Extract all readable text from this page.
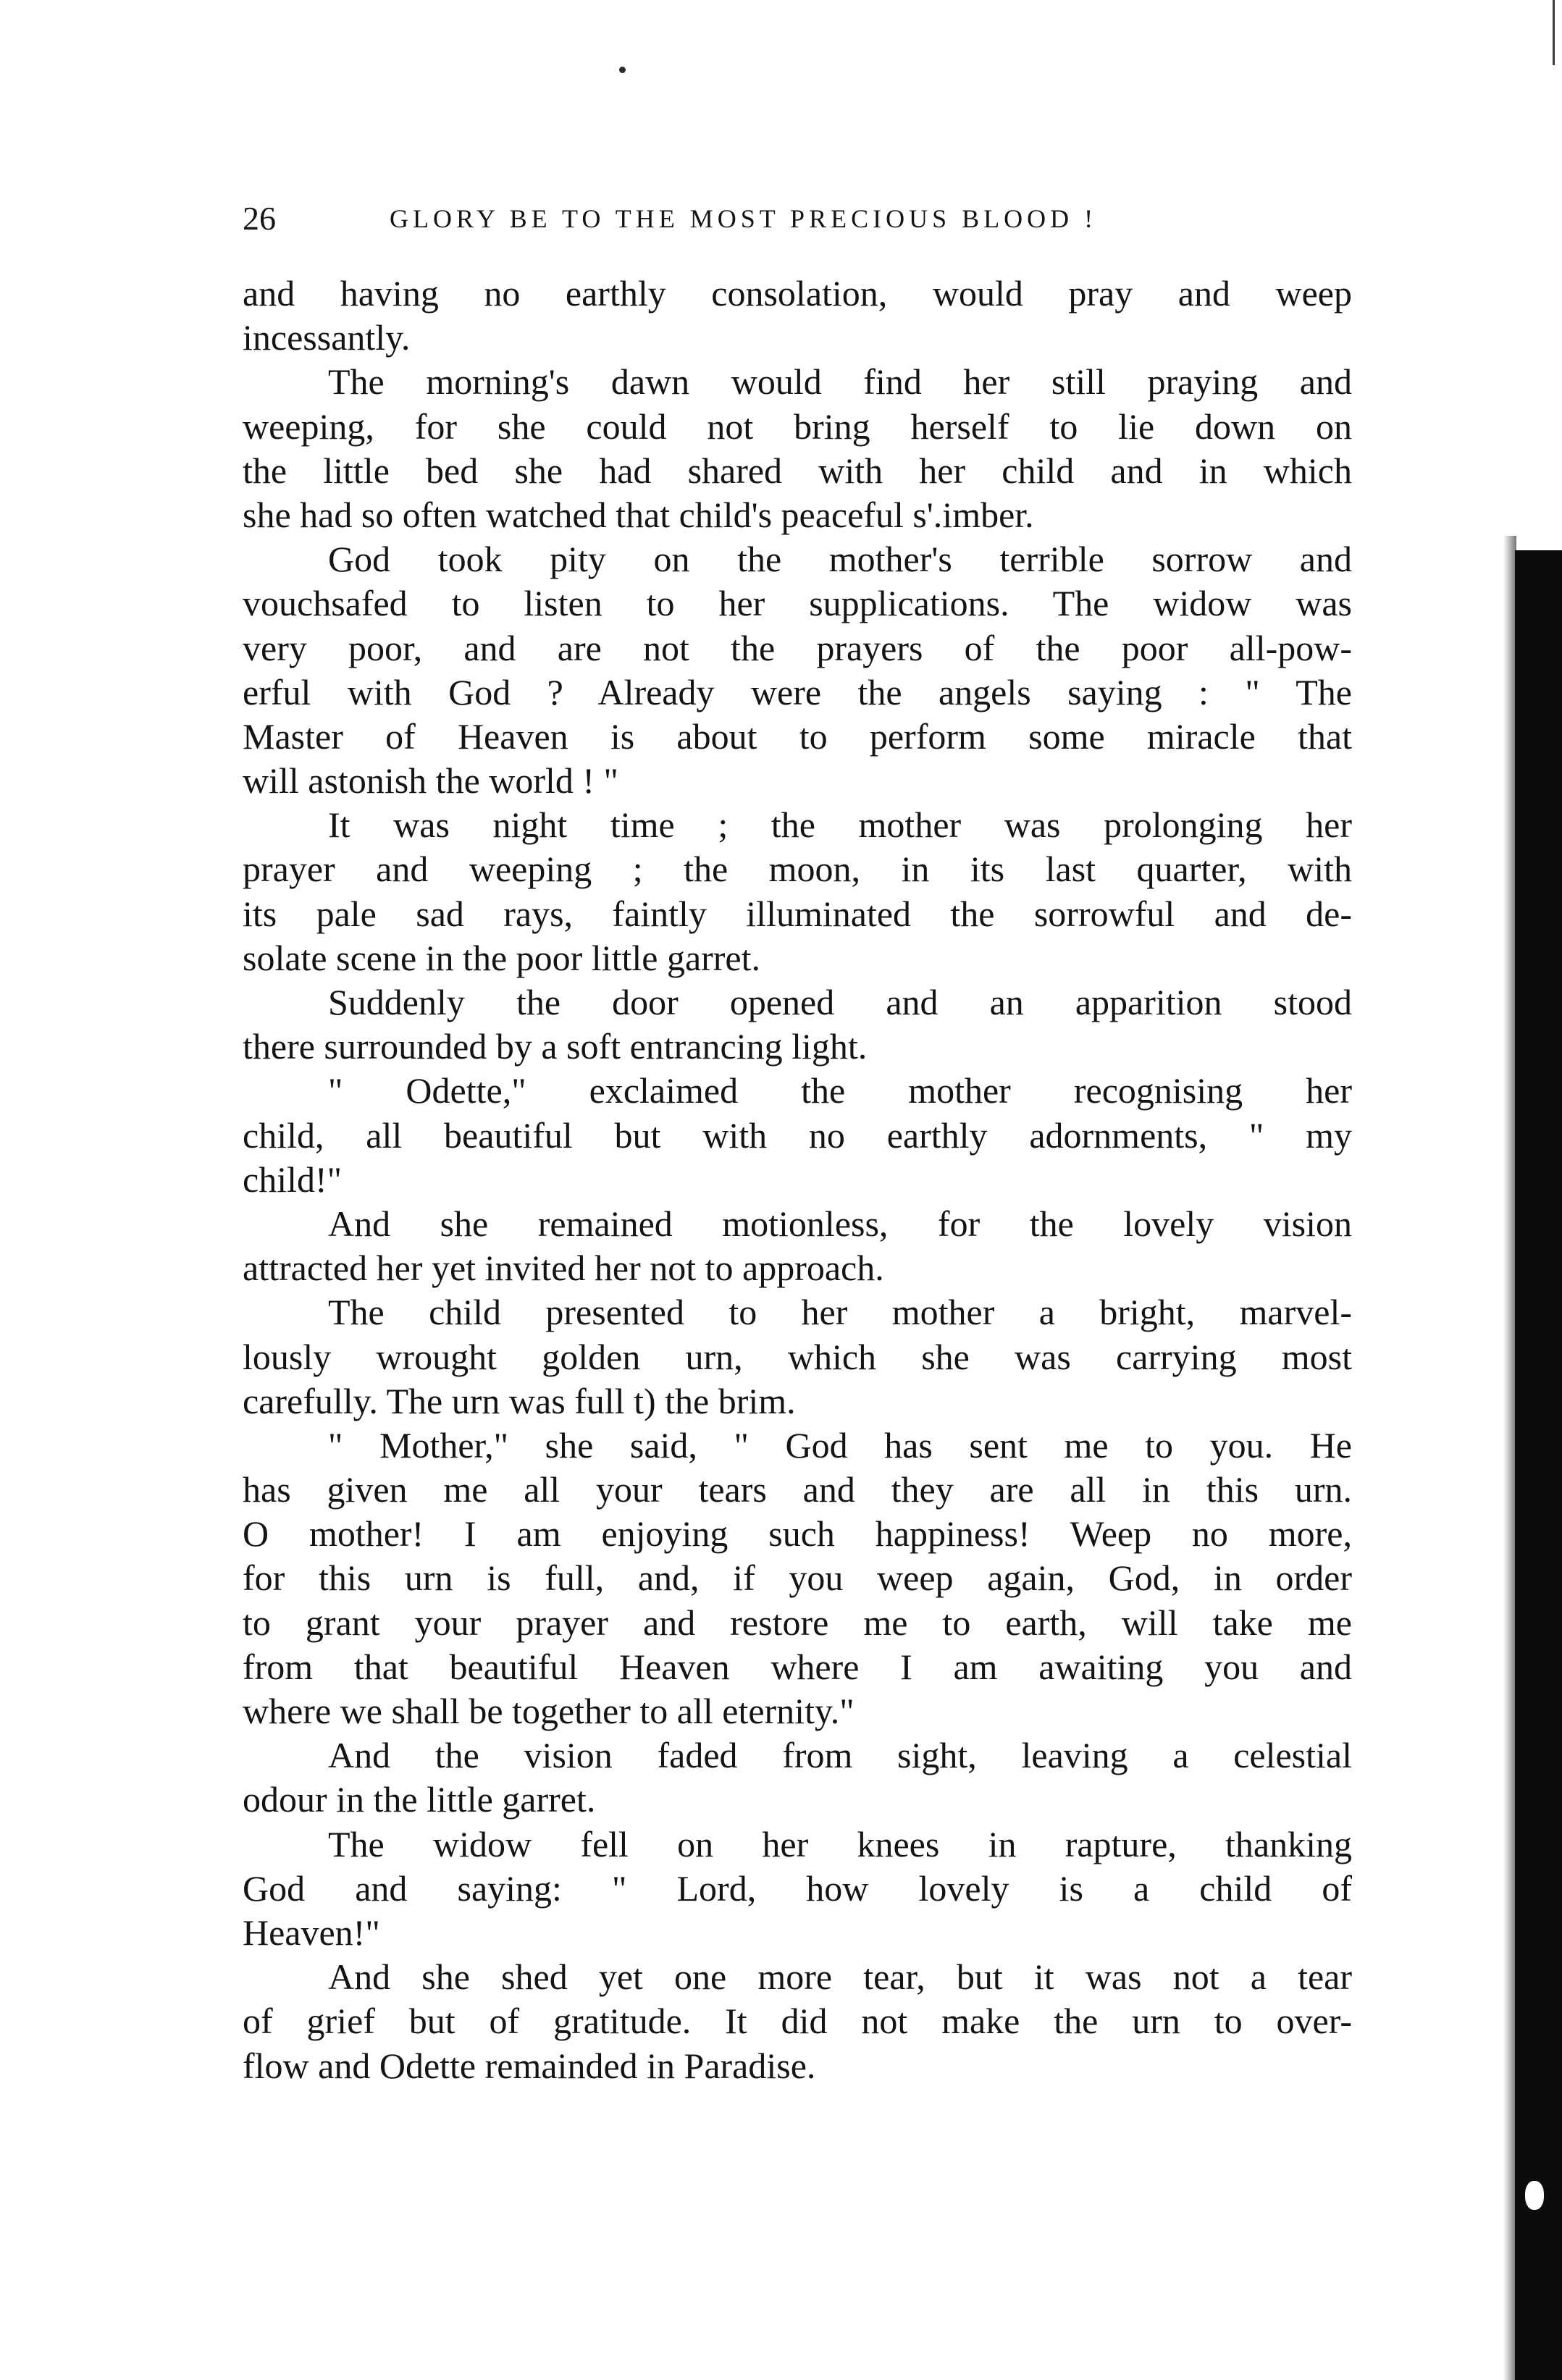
26	GLORY BE TO THE MOST PRECIOUS BLOOD !
and having no earthly consolation, would pray and weep
incessantly.
The morning's dawn would find her still praying and
weeping, for she could not bring herself to lie down on
the little bed she had shared with her child and in which
she had so often watched that child's peaceful s'.imber.
God took pity on the mother's terrible sorrow and
vouchsafed to listen to her supplications. The widow was
very poor, and are not the prayers of the poor all-pow-
erful with God ? Already were the angels saying : " The
Master of Heaven is about to perform some miracle that
will astonish the world ! "
It was night time ; the mother was prolonging her
prayer and weeping ; the moon, in its last quarter, with
its pale sad rays, faintly illuminated the sorrowful and de-
solate scene in the poor little garret.
Suddenly the door opened and an apparition stood
there surrounded by a soft entrancing light.
" Odette," exclaimed the mother recognising her
child, all beautiful but with no earthly adornments, " my
child!"
And she remained motionless, for the lovely vision
attracted her yet invited her not to approach.
The child presented to her mother a bright, marvel-
lously wrought golden urn, which she was carrying most
carefully. The urn was full t) the brim.
" Mother," she said, " God has sent me to you. He
has given me all your tears and they are all in this urn.
O mother! I am enjoying such happiness! Weep no more,
for this urn is full, and, if you weep again, God, in order
to grant your prayer and restore me to earth, will take me
from that beautiful Heaven where I am awaiting you and
where we shall be together to all eternity."
And the vision faded from sight, leaving a celestial
odour in the little garret.
The widow fell on her knees in rapture, thanking
God and saying: " Lord, how lovely is a child of
Heaven!"
And she shed yet one more tear, but it was not a tear
of grief but of gratitude. It did not make the urn to over-
flow and Odette remainded in Paradise.
